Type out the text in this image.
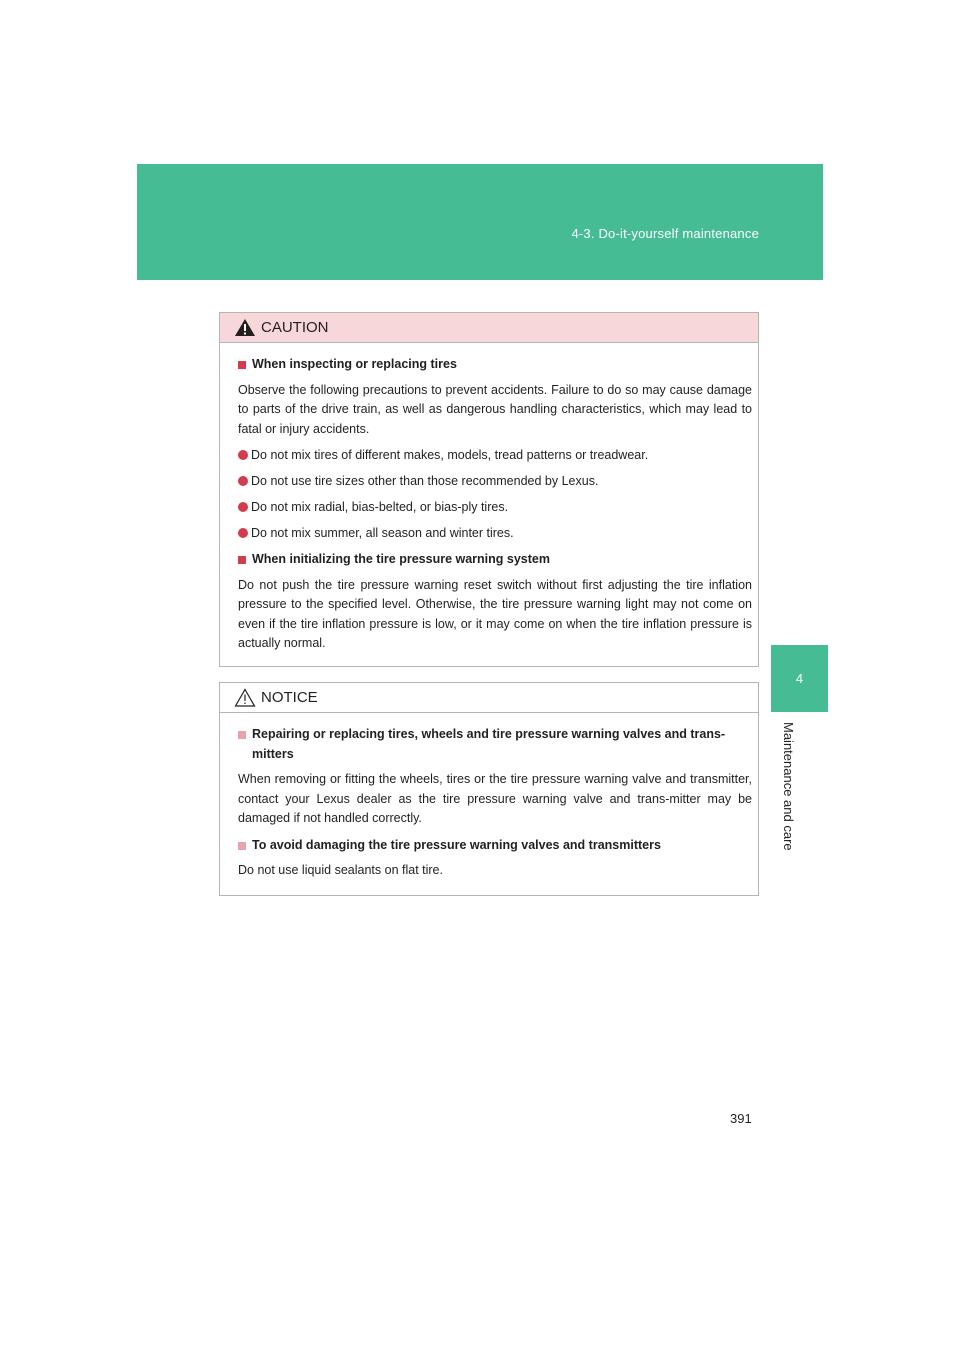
4-3. Do-it-yourself maintenance
4
Maintenance and care
CAUTION
When inspecting or replacing tires

Observe the following precautions to prevent accidents. Failure to do so may cause damage to parts of the drive train, as well as dangerous handling characteristics, which may lead to fatal or injury accidents.

Do not mix tires of different makes, models, tread patterns or treadwear.
Do not use tire sizes other than those recommended by Lexus.
Do not mix radial, bias-belted, or bias-ply tires.
Do not mix summer, all season and winter tires.
When initializing the tire pressure warning system

Do not push the tire pressure warning reset switch without first adjusting the tire inflation pressure to the specified level. Otherwise, the tire pressure warning light may not come on even if the tire inflation pressure is low, or it may come on when the tire inflation pressure is actually normal.

NOTICE
Repairing or replacing tires, wheels and tire pressure warning valves and trans-mitters

When removing or fitting the wheels, tires or the tire pressure warning valve and transmitter, contact your Lexus dealer as the tire pressure warning valve and trans-mitter may be damaged if not handled correctly.

To avoid damaging the tire pressure warning valves and transmitters

Do not use liquid sealants on flat tire.

391
